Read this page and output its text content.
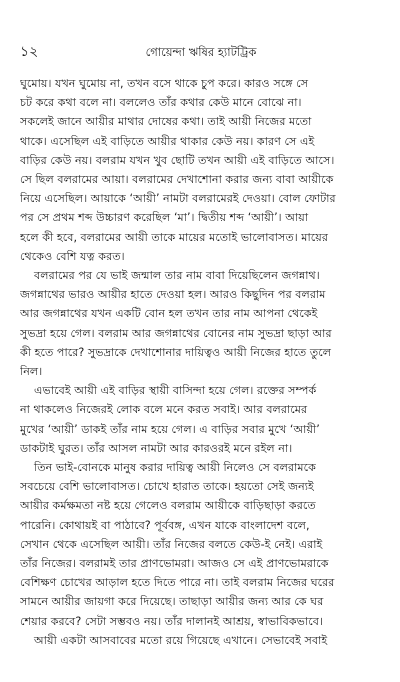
১২	গোয়েন্দা ঋষির হ্যাটট্রিক

ঘুমোয়। যখন ঘুমোয় না, তখন বসে থাকে চুপ করে। কারও সঙ্গে সে
চট করে কথা বলে না। বললেও তাঁর কথার কেউ মানে বোঝে না।
সকলেই জানে আয়ীর মাথার দোষের কথা। তাই আয়ী নিজের মতো
থাকে। এসেছিল এই বাড়িতে আয়ীর থাকার কেউ নয়। কারণ সে এই
বাড়ির কেউ নয়। বলরাম যখন খুব ছোটি তখন আয়ী এই বাড়িতে আসে।
সে ছিল বলরামের আয়া। বলরামের দেখাশোনা করার জন্য বাবা আয়ীকে
নিয়ে এসেছিল। আয়াকে ‘আয়ী’ নামটা বলরামেরই দেওয়া। বোল ফোটার
পর সে প্রথম শব্দ উচ্চারণ করেছিল ‘মা’। দ্বিতীয় শব্দ ‘আয়ী’। আয়া
হলে কী হবে, বলরামের আয়ী তাকে মায়ের মতোই ভালোবাসত। মায়ের
থেকেও বেশি যত্ন করত।

বলরামের পর যে ভাই জন্মাল তার নাম বাবা দিয়েছিলেন জগন্নাথ।
জগন্নাথের ভারও আয়ীর হাতে দেওয়া হল। আরও কিছুদিন পর বলরাম
আর জগন্নাথের যখন একটি বোন হল তখন তার নাম আপনা থেকেই
সুভদ্রা হয়ে গেল। বলরাম আর জগন্নাথের বোনের নাম সুভদ্রা ছাড়া আর
কী হতে পারে? সুভদ্রাকে দেখাশোনার দায়িত্বও আয়ী নিজের হাতে তুলে
নিল।

এভাবেই আয়ী এই বাড়ির স্থায়ী বাসিন্দা হয়ে গেল। রক্তের সম্পর্ক
না থাকলেও নিজেরই লোক বলে মনে করত সবাই। আর বলরামের
মুখের ‘আয়ী’ ডাকই তাঁর নাম হয়ে গেল। এ বাড়ির সবার মুখে ‘আয়ী’
ডাকটাই ঘুরত। তাঁর আসল নামটা আর কারওরই মনে রইল না।

তিন ভাই-বোনকে মানুষ করার দায়িত্ব আয়ী নিলেও সে বলরামকে
সবচেয়ে বেশি ভালোবাসত। চোখে হারাত তাকে। হয়তো সেই জন্যই
আয়ীর কর্মক্ষমতা নষ্ট হয়ে গেলেও বলরাম আয়ীকে বাড়িছাড়া করতে
পারেনি। কোথায়ই বা পাঠাবে? পূর্ববঙ্গ, এখন যাকে বাংলাদেশ বলে,
সেখান থেকে এসেছিল আয়ী। তাঁর নিজের বলতে কেউ-ই নেই। এরাই
তাঁর নিজের। বলরামই তার প্রাণভোমরা। আজও সে এই প্রাণভোমরাকে
বেশিক্ষণ চোখের আড়াল হতে দিতে পারে না। তাই বলরাম নিজের ঘরের
সামনে আয়ীর জায়গা করে দিয়েছে। তাছাড়া আয়ীর জন্য আর কে ঘর
শেয়ার করবে? সেটা সম্ভবও নয়। তাঁর দালানই আশ্রয়, স্বাভাবিকভাবে।

আয়ী একটা আসবাবের মতো রয়ে গিয়েছে এখানে। সেভাবেই সবাই
